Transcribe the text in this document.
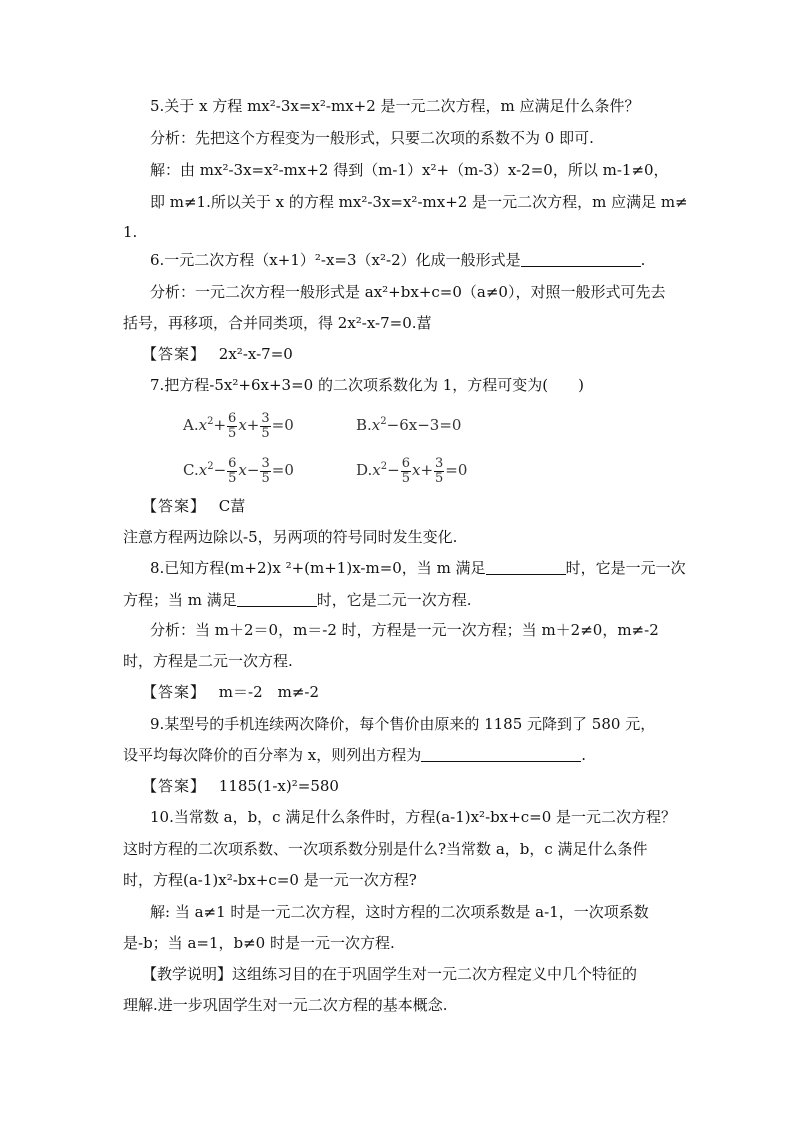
5.关于 x 方程 mx²-3x=x²-mx+2 是一元二次方程，m 应满足什么条件？
分析：先把这个方程变为一般形式，只要二次项的系数不为 0 即可.
解：由 mx²-3x=x²-mx+2 得到（m-1）x²+（m-3）x-2=0，所以 m-1≠0，
即 m≠1.所以关于 x 的方程 mx²-3x=x²-mx+2 是一元二次方程，m 应满足 m≠
1.
6.一元二次方程（x+1）²-x=3（x²-2）化成一般形式是	.
分析：一元二次方程一般形式是 ax²+bx+c=0（a≠0），对照一般形式可先去
括号，再移项，合并同类项，得 2x²-x-7=0.葍
【答案】 2x²-x-7=0
7.把方程-5x²+6x+3=0 的二次项系数化为 1，方程可变为(　　)
$A.x^2+ \frac{6}{5} x+ \frac{3}{5} =0$	$B.x^2-6x-3=0$
$C.x^2- \frac{6}{5} x- \frac{3}{5} =0$	$D.x^2- \frac{6}{5} x+ \frac{3}{5} =0$
【答案】 C葍
注意方程两边除以-5，另两项的符号同时发生变化.
8.已知方程(m+2)x ²+(m+1)x-m=0，当 m 满足	时，它是一元一次
方程；当 m 满足	时，它是二元一次方程.
分析：当 m＋2＝0，m＝-2 时，方程是一元一次方程；当 m＋2≠0，m≠-2
时，方程是二元一次方程.
【答案】 m＝-2　m≠-2
9.某型号的手机连续两次降价，每个售价由原来的 1185 元降到了 580 元，
设平均每次降价的百分率为 x，则列出方程为	.
【答案】 1185(1-x)²=580
10.当常数 a，b，c 满足什么条件时，方程(a-1)x²-bx+c=0 是一元二次方程？
这时方程的二次项系数、一次项系数分别是什么?当常数 a，b，c 满足什么条件
时，方程(a-1)x²-bx+c=0 是一元一次方程?
解: 当 a≠1 时是一元二次方程，这时方程的二次项系数是 a-1，一次项系数
是-b；当 a=1，b≠0 时是一元一次方程.
【教学说明】这组练习目的在于巩固学生对一元二次方程定义中几个特征的
理解.进一步巩固学生对一元二次方程的基本概念.
